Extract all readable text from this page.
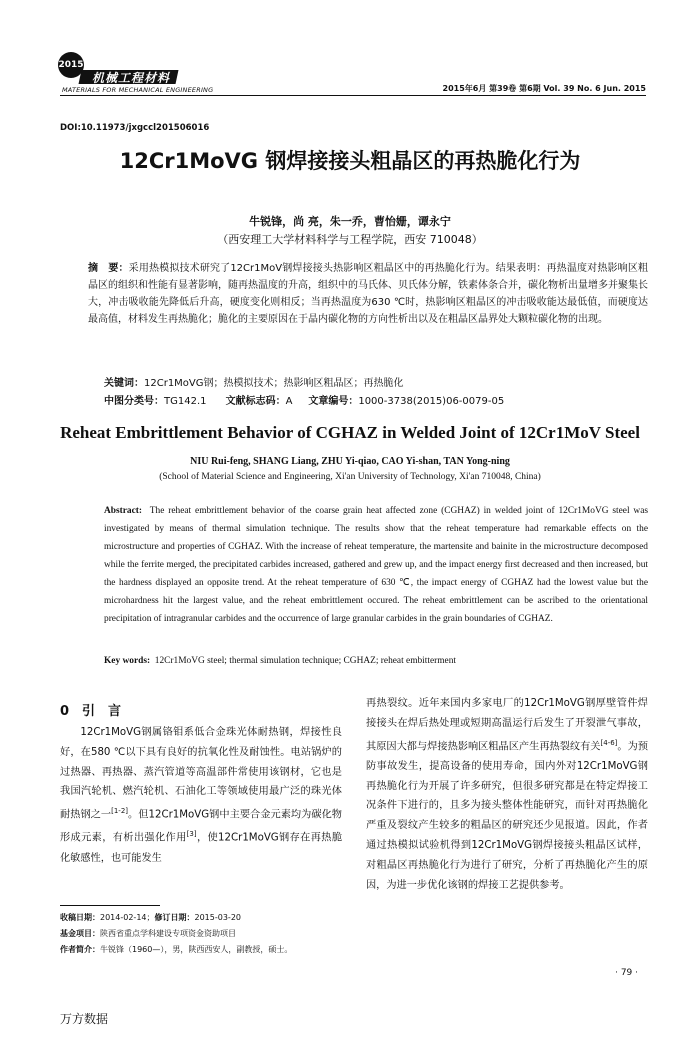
2015
机械工程材料
MATERIALS FOR MECHANICAL ENGINEERING	2015年6月 第39卷 第6期 Vol. 39 No. 6 Jun. 2015
DOI:10.11973/jxgccl201506016
12Cr1MoVG 钢焊接接头粗晶区的再热脆化行为
牛锐锋，尚 亮，朱一乔，曹怡姗，谭永宁
（西安理工大学材料科学与工程学院，西安 710048）
摘　要：采用热模拟技术研究了12Cr1MoV钢焊接接头热影响区粗晶区中的再热脆化行为。结果表明：再热温度对热影响区粗晶区的组织和性能有显著影响，随再热温度的升高，组织中的马氏体、贝氏体分解，铁素体条合并，碳化物析出量增多并聚集长大，冲击吸收能先降低后升高，硬度变化则相反；当再热温度为630 ℃时，热影响区粗晶区的冲击吸收能达最低值，而硬度达最高值，材料发生再热脆化；脆化的主要原因在于晶内碳化物的方向性析出以及在粗晶区晶界处大颗粒碳化物的出现。
关键词：12Cr1MoVG钢；热模拟技术；热影响区粗晶区；再热脆化
中图分类号：TG142.1 文献标志码：A 文章编号：1000-3738(2015)06-0079-05
Reheat Embrittlement Behavior of CGHAZ in Welded Joint of 12Cr1MoV Steel
NIU Rui-feng, SHANG Liang, ZHU Yi-qiao, CAO Yi-shan, TAN Yong-ning
(School of Material Science and Engineering, Xi'an University of Technology, Xi'an 710048, China)
Abstract: The reheat embrittlement behavior of the coarse grain heat affected zone (CGHAZ) in welded joint of 12Cr1MoVG steel was investigated by means of thermal simulation technique. The results show that the reheat temperature had remarkable effects on the microstructure and properties of CGHAZ. With the increase of reheat temperature, the martensite and bainite in the microstructure decomposed while the ferrite merged, the precipitated carbides increased, gathered and grew up, and the impact energy first decreased and then increased, but the hardness displayed an opposite trend. At the reheat temperature of 630 ℃, the impact energy of CGHAZ had the lowest value but the microhardness hit the largest value, and the reheat embrittlement occured. The reheat embrittlement can be ascribed to the orientational precipitation of intragranular carbides and the occurrence of large granular carbides in the grain boundaries of CGHAZ.
Key words: 12Cr1MoVG steel; thermal simulation technique; CGHAZ; reheat embitterment
0　引　言
12Cr1MoVG钢属铬钼系低合金珠光体耐热钢，焊接性良好，在580 ℃以下具有良好的抗氧化性及耐蚀性。电站锅炉的过热器、再热器、蒸汽管道等高温部件常使用该钢材，它也是我国汽轮机、燃汽轮机、石油化工等领域使用最广泛的珠光体耐热钢之一[1-2]。但12Cr1MoVG钢中主要合金元素均为碳化物形成元素，有析出强化作用[3]，使12Cr1MoVG钢存在再热脆化敏感性，也可能发生
再热裂纹。近年来国内多家电厂的12Cr1MoVG钢厚壁管件焊接接头在焊后热处理或短期高温运行后发生了开裂泄气事故，其原因大都与焊接热影响区粗晶区产生再热裂纹有关[4-6]。为预防事故发生，提高设备的使用寿命，国内外对12Cr1MoVG钢再热脆化行为开展了许多研究，但很多研究都是在特定焊接工况条件下进行的，且多为接头整体性能研究，而针对再热脆化严重及裂纹产生较多的粗晶区的研究还少见报道。因此，作者通过热模拟试验机得到12Cr1MoVG钢焊接接头粗晶区试样，对粗晶区再热脆化行为进行了研究，分析了再热脆化产生的原因，为进一步优化该钢的焊接工艺提供参考。
收稿日期：2014-02-14；修订日期：2015-03-20
基金项目：陕西省重点学科建设专项资金资助项目
作者简介：牛锐锋（1960—），男，陕西西安人，副教授，硕士。
· 79 ·
万方数据
